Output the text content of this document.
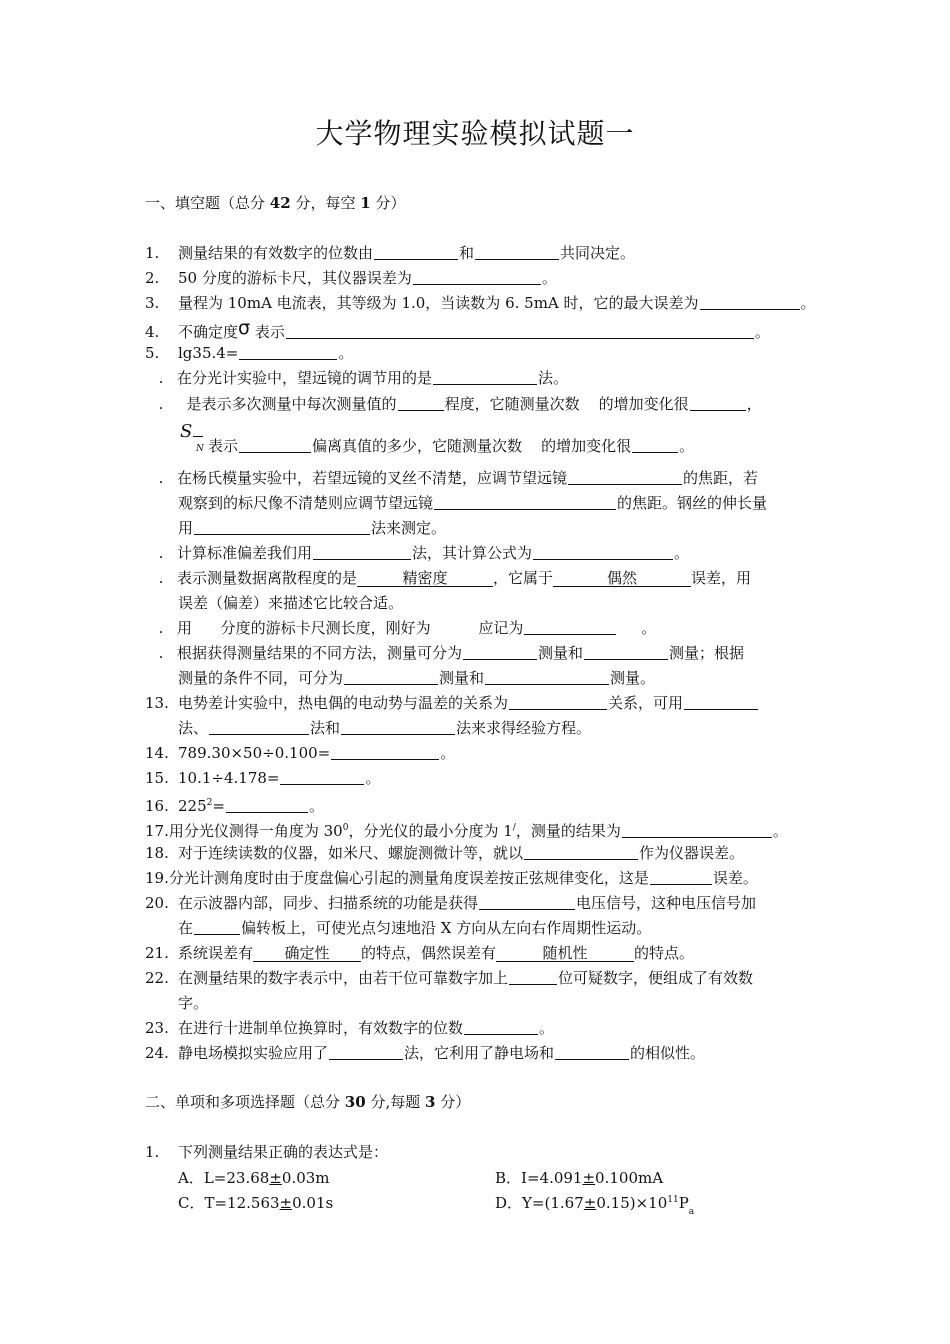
大学物理实验模拟试题一
一、填空题（总分 42 分，每空 1 分）
1. 测量结果的有效数字的位数由	和	共同决定。
2. 50 分度的游标卡尺，其仪器误差为	。
3. 量程为 10mA 电流表，其等级为 1.0，当读数为 6. 5mA 时，它的最大误差为	。
4. 不确定度σ 表示	。
5. lg35.4=	。
. 在分光计实验中，望远镜的调节用的是	法。
. 是表示多次测量中每次测量值的	程度，它随测量次数 的增加变化很	，
S
N 表示	偏离真值的多少，它随测量次数 的增加变化很	。
. 在杨氏模量实验中，若望远镜的叉丝不清楚，应调节望远镜	的焦距，若
观察到的标尺像不清楚则应调节望远镜	的焦距。钢丝的伸长量
用	法来测定。
. 计算标准偏差我们用	法，其计算公式为	。
. 表示测量数据离散程度的是	精密度	，它属于	偶然	误差，用
误差（偏差）来描述它比较合适。
. 用 分度的游标卡尺测长度，刚好为	应记为	。
. 根据获得测量结果的不同方法，测量可分为	测量和	测量；根据
测量的条件不同，可分为	测量和	测量。
13. 电势差计实验中，热电偶的电动势与温差的关系为	关系，可用
法、	法和	法来求得经验方程。
14. 789.30×50÷0.100=	。
15. 10.1÷4.178=	。
16. $225^2=$	。
17.用分光仪测得一角度为 $30^0$，分光仪的最小分度为 1/，测量的结果为	。
18. 对于连续读数的仪器，如米尺、螺旋测微计等，就以	作为仪器误差。
19.分光计测角度时由于度盘偏心引起的测量角度误差按正弦规律变化，这是	误差。
20. 在示波器内部，同步、扫描系统的功能是获得	电压信号，这种电压信号加
在	偏转板上，可使光点匀速地沿 X 方向从左向右作周期性运动。
21. 系统误差有 确定性 的特点，偶然误差有	随机性	的特点。
22. 在测量结果的数字表示中，由若干位可靠数字加上	位可疑数字，便组成了有效数
字。
23. 在进行十进制单位换算时，有效数字的位数	。
24. 静电场模拟实验应用了	法，它利用了静电场和	的相似性。
二、单项和多项选择题（总分 30 分,每题 3 分）
1. 下列测量结果正确的表达式是：
A．L=23.68±0.03m	B．I=4.091±0.100mA
C．T=12.563±0.01s	D．$Y=(1.67\pm 0.15)\times 10^{11}P_a$
